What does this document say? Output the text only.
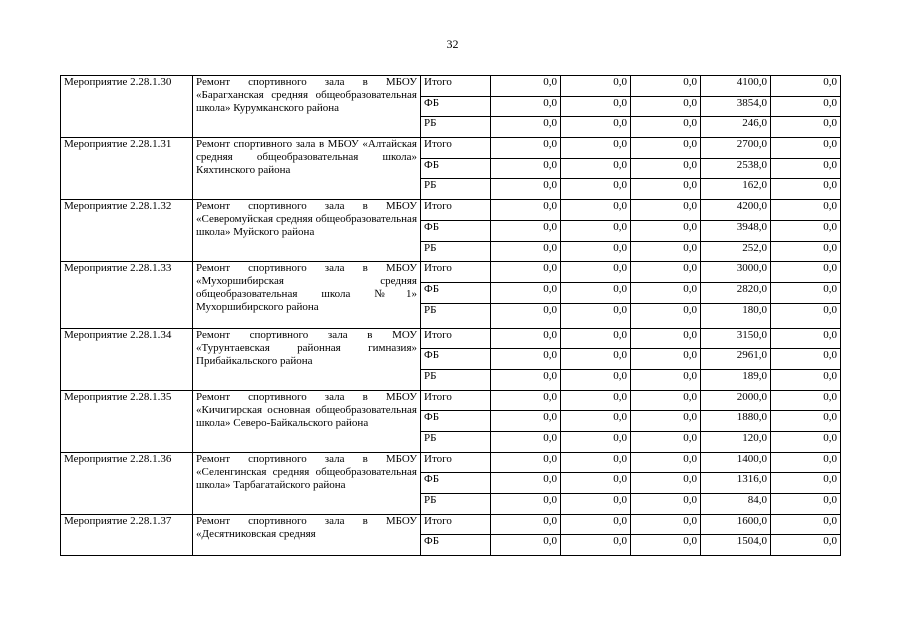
32
Мероприятие 2.28.1.30	Ремонт спортивного зала в МБОУ «Барагханская средняя общеобразовательная школа» Курумканского района	Итого	0,0	0,0	0,0	4100,0	0,0
		ФБ	0,0	0,0	0,0	3854,0	0,0
		РБ	0,0	0,0	0,0	246,0	0,0
Мероприятие 2.28.1.31	Ремонт спортивного зала в МБОУ «Алтайская средняя общеобразовательная школа» Кяхтинского района	Итого	0,0	0,0	0,0	2700,0	0,0
		ФБ	0,0	0,0	0,0	2538,0	0,0
		РБ	0,0	0,0	0,0	162,0	0,0
Мероприятие 2.28.1.32	Ремонт спортивного зала в МБОУ «Северомуйская средняя общеобразовательная школа» Муйского района	Итого	0,0	0,0	0,0	4200,0	0,0
		ФБ	0,0	0,0	0,0	3948,0	0,0
		РБ	0,0	0,0	0,0	252,0	0,0
Мероприятие 2.28.1.33	Ремонт спортивного зала в МБОУ «Мухоршибирская средняя общеобразовательная школа №1» Мухоршибирского района	Итого	0,0	0,0	0,0	3000,0	0,0
		ФБ	0,0	0,0	0,0	2820,0	0,0
		РБ	0,0	0,0	0,0	180,0	0,0
Мероприятие 2.28.1.34	Ремонт спортивного зала в МОУ «Турунтаевская районная гимназия» Прибайкальского района	Итого	0,0	0,0	0,0	3150,0	0,0
		ФБ	0,0	0,0	0,0	2961,0	0,0
		РБ	0,0	0,0	0,0	189,0	0,0
Мероприятие 2.28.1.35	Ремонт спортивного зала в МБОУ «Кичигирская основная общеобразовательная школа» Северо-Байкальского района	Итого	0,0	0,0	0,0	2000,0	0,0
		ФБ	0,0	0,0	0,0	1880,0	0,0
		РБ	0,0	0,0	0,0	120,0	0,0
Мероприятие 2.28.1.36	Ремонт спортивного зала в МБОУ «Селенгинская средняя общеобразовательная школа» Тарбагатайского района	Итого	0,0	0,0	0,0	1400,0	0,0
		ФБ	0,0	0,0	0,0	1316,0	0,0
		РБ	0,0	0,0	0,0	84,0	0,0
Мероприятие 2.28.1.37	Ремонт спортивного зала в МБОУ «Десятниковская средняя	Итого	0,0	0,0	0,0	1600,0	0,0
		ФБ	0,0	0,0	0,0	1504,0	0,0
